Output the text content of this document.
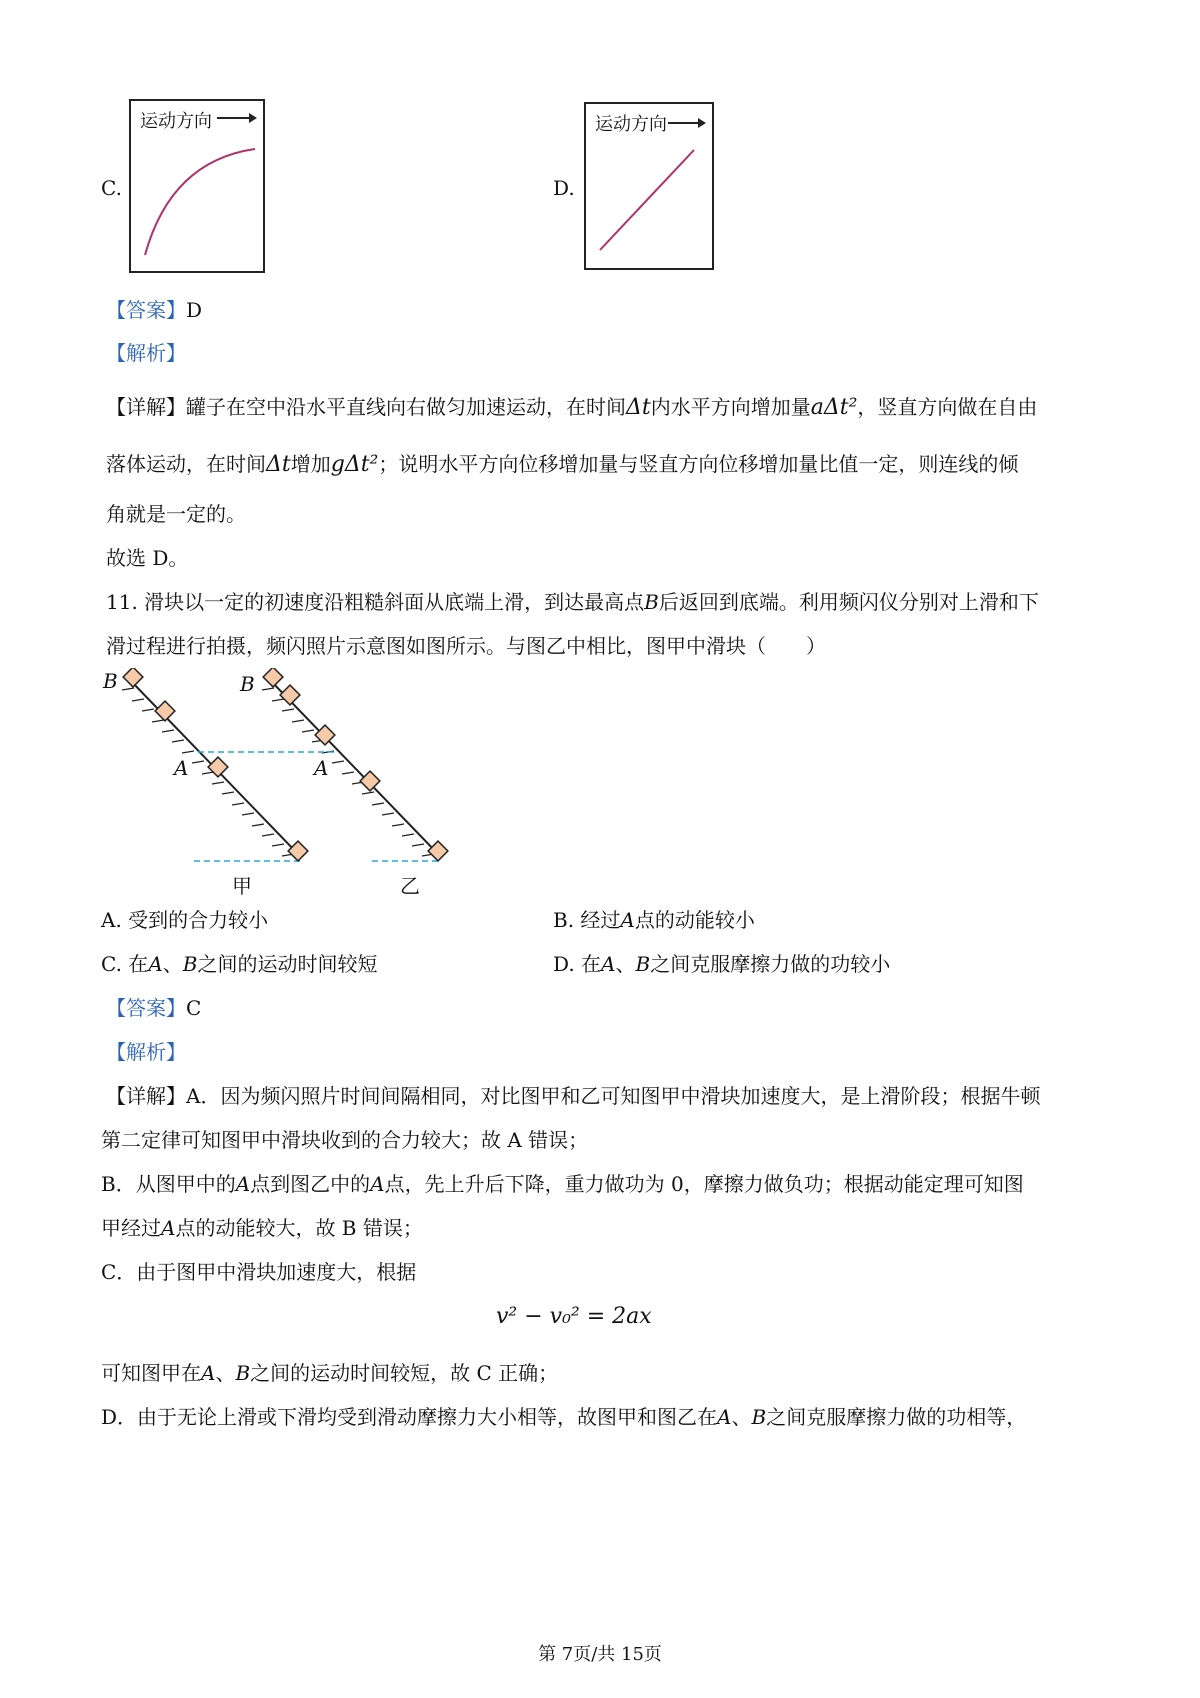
C.
运动方向
D.
运动方向
【答案】D
【解析】
【详解】罐子在空中沿水平直线向右做匀加速运动，在时间Δt内水平方向增加量aΔt²，竖直方向做在自由
落体运动，在时间Δt增加gΔt²；说明水平方向位移增加量与竖直方向位移增加量比值一定，则连线的倾
角就是一定的。
故选 D。
11. 滑块以一定的初速度沿粗糙斜面从底端上滑，到达最高点B后返回到底端。利用频闪仪分别对上滑和下
滑过程进行拍摄，频闪照片示意图如图所示。与图乙中相比，图甲中滑块（　　）
B	B
A	A
甲	乙
A. 受到的合力较小	B. 经过A点的动能较小
C. 在A、B之间的运动时间较短	D. 在A、B之间克服摩擦力做的功较小
【答案】C
【解析】
【详解】A．因为频闪照片时间间隔相同，对比图甲和乙可知图甲中滑块加速度大，是上滑阶段；根据牛顿
第二定律可知图甲中滑块收到的合力较大；故 A 错误；
B．从图甲中的A点到图乙中的A点，先上升后下降，重力做功为 0，摩擦力做负功；根据动能定理可知图
甲经过A点的动能较大，故 B 错误；
C．由于图甲中滑块加速度大，根据
v² − v₀² = 2ax
可知图甲在A、B之间的运动时间较短，故 C 正确；
D．由于无论上滑或下滑均受到滑动摩擦力大小相等，故图甲和图乙在A、B之间克服摩擦力做的功相等，
第 7页/共 15页
